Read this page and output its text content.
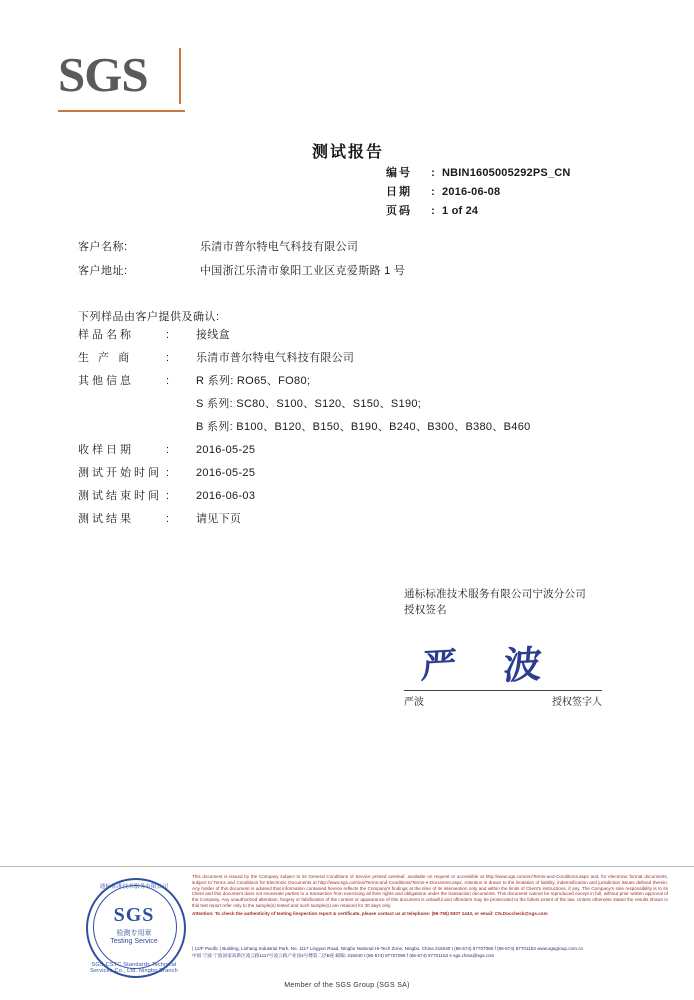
SGS
测试报告
编号	: NBIN1605005292PS_CN
日期	: 2016-06-08
页码	: 1 of 24
客户名称:	乐清市普尔特电气科技有限公司
客户地址:	中国浙江乐清市象阳工业区克爱斯路 1 号
下列样品由客户提供及确认:
样品名称	:	接线盒
生 产 商	:	乐清市普尔特电气科技有限公司
其他信息	:	R 系列: RO65、FO80;
S 系列: SC80、S100、S120、S150、S190;
B 系列: B100、B120、B150、B190、B240、B300、B380、B460
收样日期	:	2016-05-25
测试开始时间 :	2016-05-25
测试结束时间 :	2016-06-03
测试结果	:	请见下页
通标标准技术服务有限公司宁波分公司
授权签名
严 波
严波	授权签字人
通标标准技术服务有限公司
SGS
检测专用章
Testing Service
SGS-CSTC Standards Technical Services Co., Ltd. Ningbo Branch
This document is issued by the Company subject to its General Conditions of Service printed overleaf, available on request or accessible at http://www.sgs.com/en/Terms-and-Conditions.aspx and, for electronic format documents, subject to Terms and Conditions for Electronic Documents at http://www.sgs.com/en/Terms-and-Conditions/Terms-e-Document.aspx. Attention is drawn to the limitation of liability, indemnification and jurisdiction issues defined therein. Any holder of this document is advised that information contained hereon reflects the Company's findings at the time of its intervention only and within the limits of Client's instructions, if any. The Company's sole responsibility is to its Client and this document does not exonerate parties to a transaction from exercising all their rights and obligations under the transaction documents. This document cannot be reproduced except in full, without prior written approval of the Company. Any unauthorized alteration, forgery or falsification of the content or appearance of this document is unlawful and offenders may be prosecuted to the fullest extent of the law. Unless otherwise stated the results shown in this test report refer only to the sample(s) tested and such sample(s) are retained for 30 days only.
Attention: To check the authenticity of testing /inspection report & certificate, please contact us at telephone: (86-755) 8307 1443, or email: CN.Doccheck@sgs.com
| 12/F Pacific | Building, Linhang Industrial Park, No. 1117 Lingyun Road, Ningbo National Hi-Tech Zone, Ningbo, China 315040 t (86-574) 87707086 f (86-574) 87701153 www.sgsgroup.com.cn
中国·宁波·宁波国家高新区凌云路1117号凌云路产业园4号楼第二层B座 邮编: 315040 t (86-574) 87707086 f (86-574) 87701153 e sgs.china@sgs.com
Member of the SGS Group (SGS SA)
